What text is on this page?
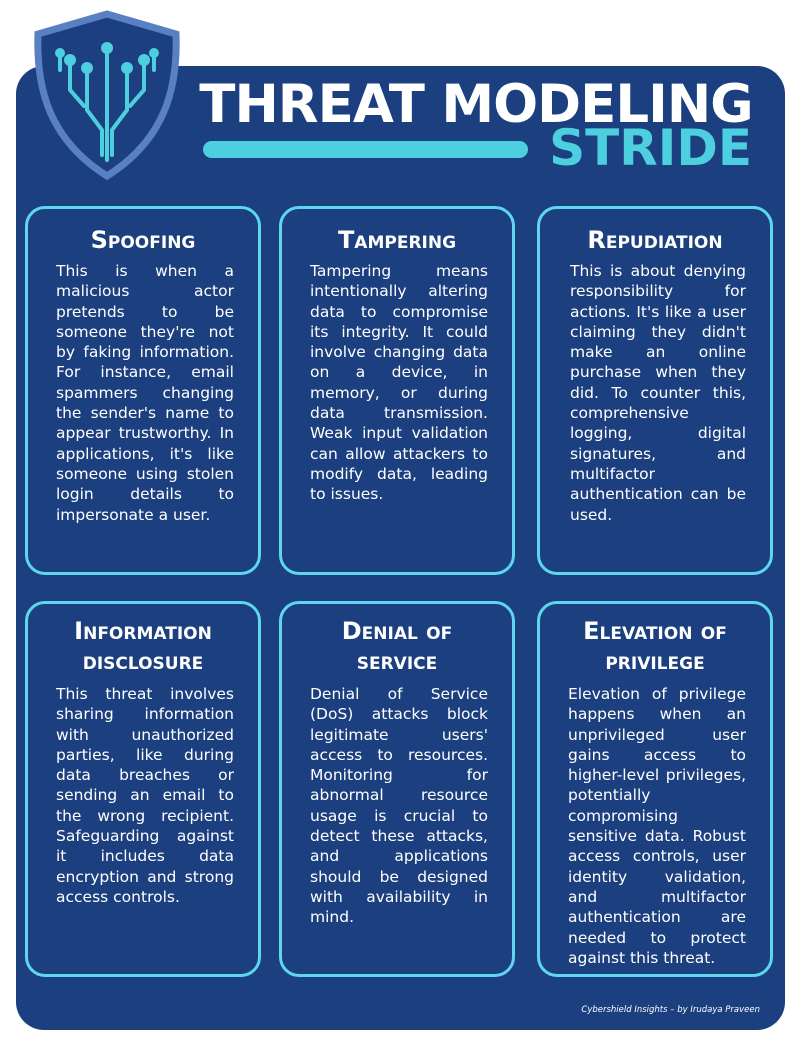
THREAT MODELING
STRIDE
Spoofing
This is when a malicious actor pretends to be someone they're not by faking information. For instance, email spammers changing the sender's name to appear trustworthy. In applications, it's like someone using stolen login details to impersonate a user.
Tampering
Tampering means intentionally altering data to compromise its integrity. It could involve changing data on a device, in memory, or during data transmission. Weak input validation can allow attackers to modify data, leading to issues.
Repudiation
This is about denying responsibility for actions. It's like a user claiming they didn't make an online purchase when they did. To counter this, comprehensive logging, digital signatures, and multifactor authentication can be used.
Information
disclosure
This threat involves sharing information with unauthorized parties, like during data breaches or sending an email to the wrong recipient. Safeguarding against it includes data encryption and strong access controls.
Denial of
service
Denial of Service (DoS) attacks block legitimate users' access to resources. Monitoring for abnormal resource usage is crucial to detect these attacks, and applications should be designed with availability in mind.
Elevation of
privilege
Elevation of privilege happens when an unprivileged user gains access to higher-level privileges, potentially compromising sensitive data. Robust access controls, user identity validation, and multifactor authentication are needed to protect against this threat.
Cybershield Insights – by Irudaya Praveen
